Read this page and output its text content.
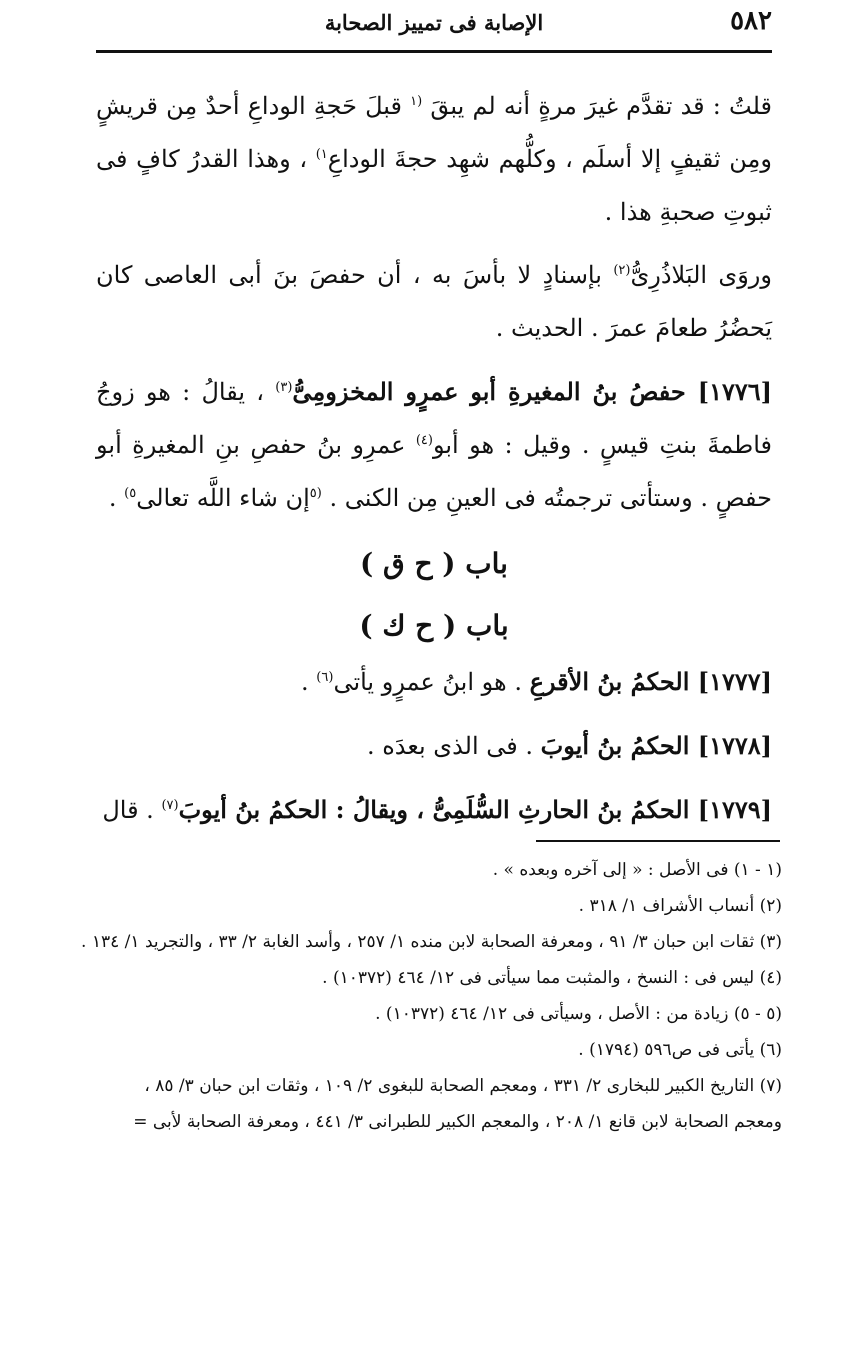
٥٨٢
الإصابة فى تمييز الصحابة

قلتُ : قد تقدَّم غيرَ مرةٍ أنه لم يبقَ $^{(١}$ قبلَ حَجةِ الوداعِ أحدٌ مِن قريشٍ ومِن ثقيفٍ إلا أسلَم ، وكلُّهم شهِد حجةَ الوداعِ$^{١)}$ ، وهذا القدرُ كافٍ فى ثبوتِ صحبةِ هذا .

وروَى البَلاذُرِىُّ$^{(٢)}$ بإسنادٍ لا بأسَ به ، أن حفصَ بنَ أبى العاصى كان يَحضُرُ طعامَ عمرَ . الحديث .

[١٧٧٦] حفصُ بنُ المغيرةِ أبو عمرٍو المخزومِىُّ$^{(٣)}$ ، يقالُ : هو زوجُ فاطمةَ بنتِ قيسٍ . وقيل : هو أبو$^{(٤)}$ عمرِو بنُ حفصِ بنِ المغيرةِ أبو حفصٍ . وستأتى ترجمتُه فى العينِ مِن الكنى . $^{(٥}$إن شاء اللَّه تعالى$^{٥)}$ .

باب ( ح ق )
باب ( ح ك )

[١٧٧٧] الحكمُ بنُ الأقرعِ . هو ابنُ عمرٍو يأتى$^{(٦)}$ .

[١٧٧٨] الحكمُ بنُ أيوبَ . فى الذى بعدَه .

[١٧٧٩] الحكمُ بنُ الحارثِ السُّلَمِىُّ ، ويقالُ : الحكمُ بنُ أيوبَ$^{(٧)}$ . قال

(١ - ١) فى الأصل : « إلى آخره وبعده » .
(٢) أنساب الأشراف ١/ ٣١٨ .
(٣) ثقات ابن حبان ٣/ ٩١ ، ومعرفة الصحابة لابن منده ١/ ٢٥٧ ، وأسد الغابة ٢/ ٣٣ ، والتجريد ١/ ١٣٤ .
(٤) ليس فى : النسخ ، والمثبت مما سيأتى فى ١٢/ ٤٦٤ (١٠٣٧٢) .
(٥ - ٥) زيادة من : الأصل ، وسيأتى فى ١٢/ ٤٦٤ (١٠٣٧٢) .
(٦) يأتى فى ص٥٩٦ (١٧٩٤) .
(٧) التاريخ الكبير للبخارى ٢/ ٣٣١ ، ومعجم الصحابة للبغوى ٢/ ١٠٩ ، وثقات ابن حبان ٣/ ٨٥ ،
ومعجم الصحابة لابن قانع ١/ ٢٠٨ ، والمعجم الكبير للطبرانى ٣/ ٤٤١ ، ومعرفة الصحابة لأبى =
